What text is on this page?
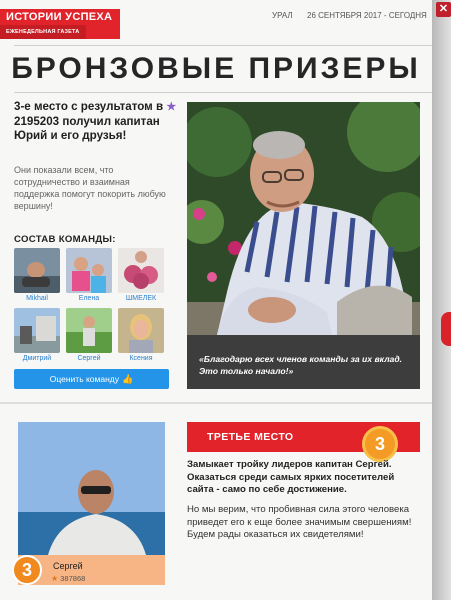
ИСТОРИИ УСПЕХА
ЕЖЕНЕДЕЛЬНАЯ ГАЗЕТА
УРАЛ 26 СЕНТЯБРЯ 2017 - СЕГОДНЯ
БРОНЗОВЫЕ ПРИЗЕРЫ
3-е место с результатом в ★ 2195203 получил капитан Юрий и его друзья!
Они показали всем, что сотрудничество и взаимная поддержка помогут покорить любую вершину!
СОСТАВ КОМАНДЫ:
Mikhail	Елена	ШМЕЛЕК
Дмитрий	Сергей	Ксения
Оценить команду 👍
«Благодарю всех членов команды за их вклад. Это только начало!»
3	Сергей
★ 387868
ТРЕТЬЕ МЕСТО	3
Замыкает тройку лидеров капитан Сергей. Оказаться среди самых ярких посетителей сайта - само по себе достижение.
Но мы верим, что пробивная сила этого человека приведет его к еще более значимым свершениям! Будем рады оказаться их свидетелями!
✕
